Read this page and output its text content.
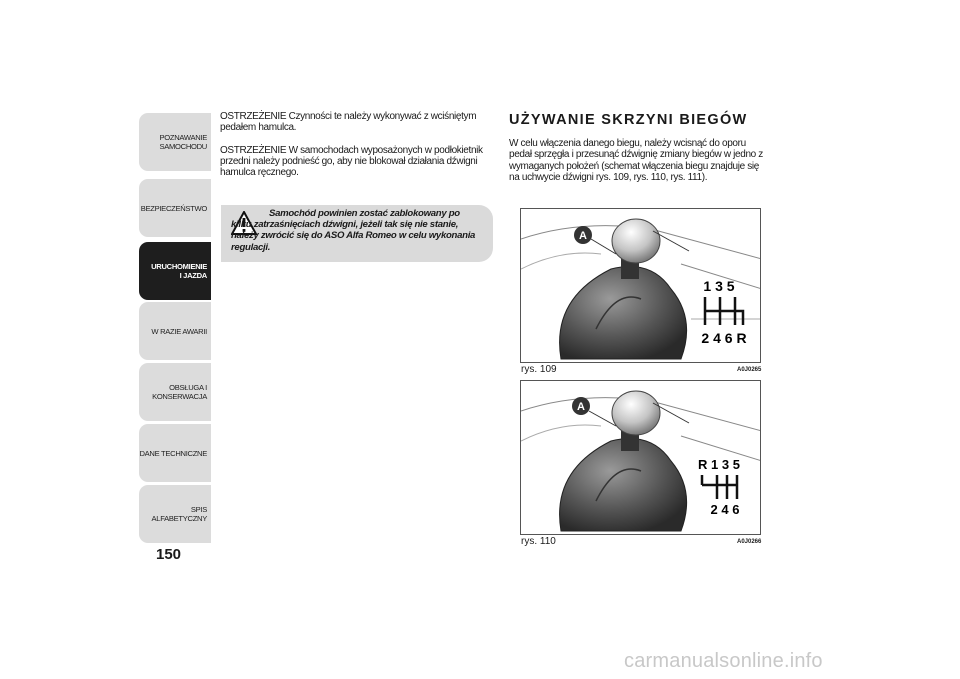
POZNAWANIE SAMOCHODU
BEZPIECZEŃSTWO
URUCHOMIENIE I JAZDA
W RAZIE AWARII
OBSŁUGA I KONSERWACJA
DANE TECHNICZNE
SPIS ALFABETYCZNY
150

OSTRZEŻENIE Czynności te należy wykonywać z wciśniętym pedałem hamulca.

OSTRZEŻENIE W samochodach wyposażonych w podłokietnik przedni należy podnieść go, aby nie blokował działania dźwigni hamulca ręcznego.

Samochód powinien zostać zablokowany po kilku zatrzaśnięciach dźwigni, jeżeli tak się nie stanie, należy zwrócić się do ASO Alfa Romeo w celu wykonania regulacji.
UŻYWANIE SKRZYNI BIEGÓW

W celu włączenia danego biegu, należy wcisnąć do oporu pedał sprzęgła i przesunąć dźwignię zmiany biegów w jedno z wymaganych położeń (schemat włączenia biegu znajduje się na uchwycie dźwigni rys. 109, rys. 110, rys. 111).

A
1 3 5
2 4 6 R
rys. 109	A0J0265
A
R 1 3 5
2 4 6
rys. 110	A0J0266
carmanualsonline.info
